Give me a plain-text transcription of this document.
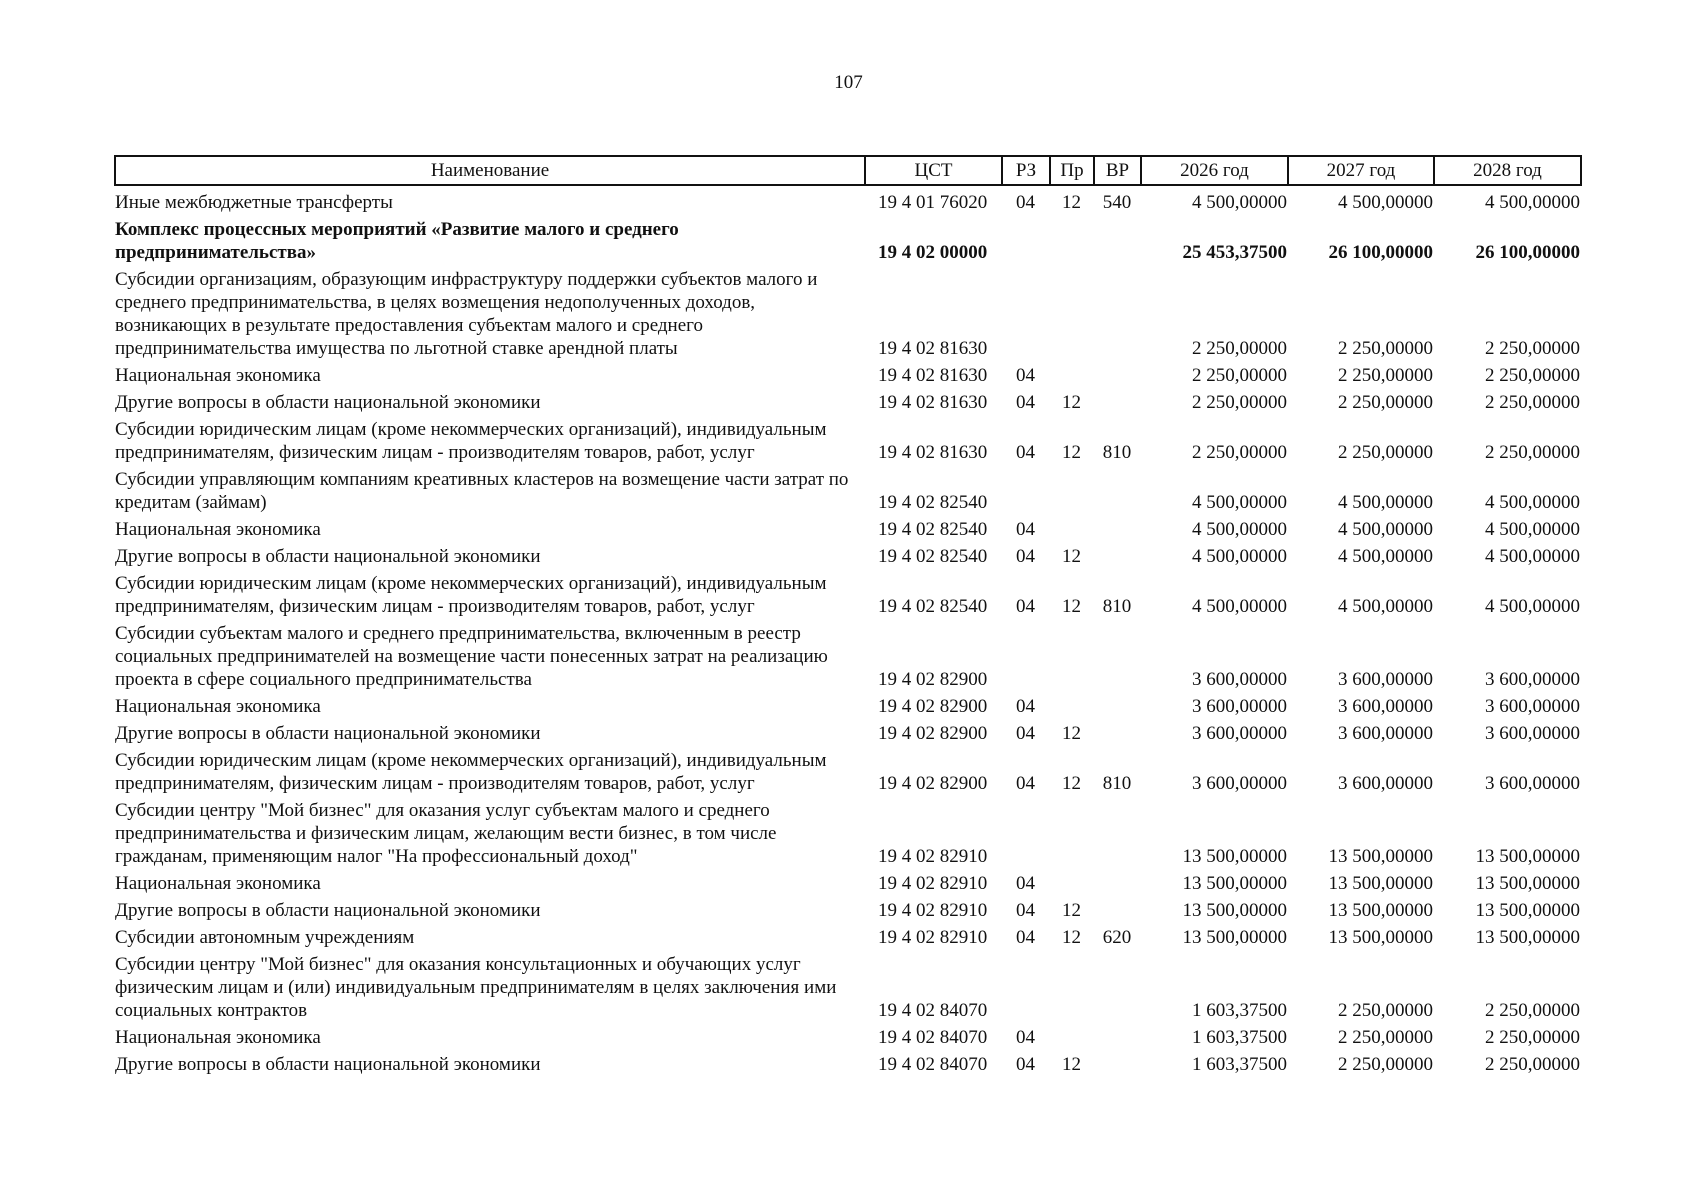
107
Наименование	ЦСТ	РЗ	Пр	ВР	2026 год	2027 год	2028 год
Иные межбюджетные трансферты	19 4 01 76020	04	12	540	4 500,00000	4 500,00000	4 500,00000
Комплекс процессных мероприятий «Развитие малого и среднего предпринимательства»	19 4 02 00000				25 453,37500	26 100,00000	26 100,00000
Субсидии организациям, образующим инфраструктуру поддержки субъектов малого и среднего предпринимательства, в целях возмещения недополученных доходов, возникающих в результате предоставления субъектам малого и среднего предпринимательства имущества по льготной ставке арендной платы	19 4 02 81630				2 250,00000	2 250,00000	2 250,00000
Национальная экономика	19 4 02 81630	04			2 250,00000	2 250,00000	2 250,00000
Другие вопросы в области национальной экономики	19 4 02 81630	04	12		2 250,00000	2 250,00000	2 250,00000
Субсидии юридическим лицам (кроме некоммерческих организаций), индивидуальным предпринимателям, физическим лицам - производителям товаров, работ, услуг	19 4 02 81630	04	12	810	2 250,00000	2 250,00000	2 250,00000
Субсидии управляющим компаниям креативных кластеров на возмещение части затрат по кредитам (займам)	19 4 02 82540				4 500,00000	4 500,00000	4 500,00000
Национальная экономика	19 4 02 82540	04			4 500,00000	4 500,00000	4 500,00000
Другие вопросы в области национальной экономики	19 4 02 82540	04	12		4 500,00000	4 500,00000	4 500,00000
Субсидии юридическим лицам (кроме некоммерческих организаций), индивидуальным предпринимателям, физическим лицам - производителям товаров, работ, услуг	19 4 02 82540	04	12	810	4 500,00000	4 500,00000	4 500,00000
Субсидии субъектам малого и среднего предпринимательства, включенным в реестр социальных предпринимателей на возмещение части понесенных затрат на реализацию проекта в сфере социального предпринимательства	19 4 02 82900				3 600,00000	3 600,00000	3 600,00000
Национальная экономика	19 4 02 82900	04			3 600,00000	3 600,00000	3 600,00000
Другие вопросы в области национальной экономики	19 4 02 82900	04	12		3 600,00000	3 600,00000	3 600,00000
Субсидии юридическим лицам (кроме некоммерческих организаций), индивидуальным предпринимателям, физическим лицам - производителям товаров, работ, услуг	19 4 02 82900	04	12	810	3 600,00000	3 600,00000	3 600,00000
Субсидии центру "Мой бизнес" для оказания услуг субъектам малого и среднего предпринимательства и физическим лицам, желающим вести бизнес, в том числе гражданам, применяющим налог "На профессиональный доход"	19 4 02 82910				13 500,00000	13 500,00000	13 500,00000
Национальная экономика	19 4 02 82910	04			13 500,00000	13 500,00000	13 500,00000
Другие вопросы в области национальной экономики	19 4 02 82910	04	12		13 500,00000	13 500,00000	13 500,00000
Субсидии автономным учреждениям	19 4 02 82910	04	12	620	13 500,00000	13 500,00000	13 500,00000
Субсидии центру "Мой бизнес" для оказания консультационных и обучающих услуг физическим лицам и (или) индивидуальным предпринимателям в целях заключения ими социальных контрактов	19 4 02 84070				1 603,37500	2 250,00000	2 250,00000
Национальная экономика	19 4 02 84070	04			1 603,37500	2 250,00000	2 250,00000
Другие вопросы в области национальной экономики	19 4 02 84070	04	12		1 603,37500	2 250,00000	2 250,00000
